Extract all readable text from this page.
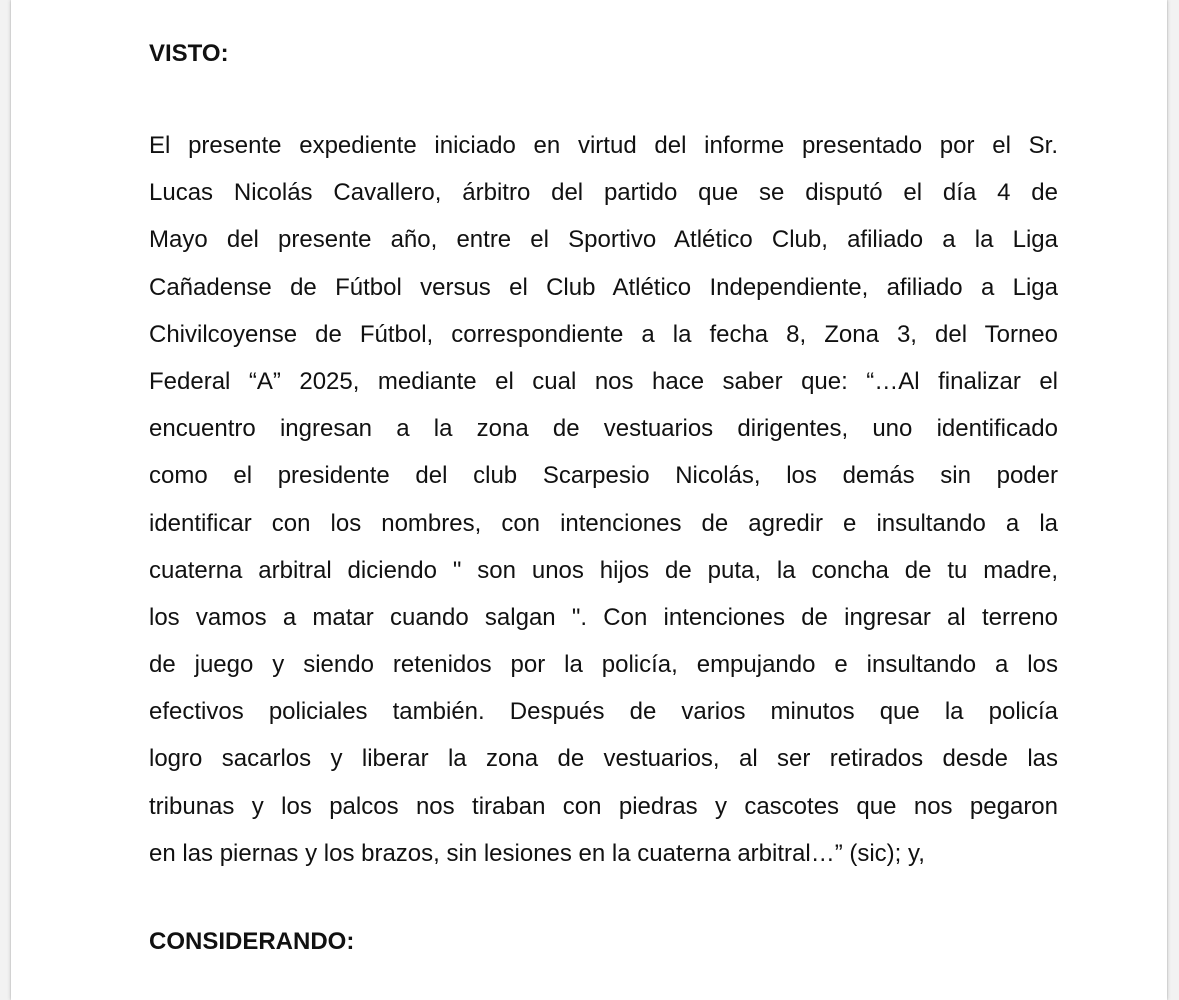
VISTO:
El presente expediente iniciado en virtud del informe presentado por el Sr.
Lucas Nicolás Cavallero, árbitro del partido que se disputó el día 4 de
Mayo del presente año, entre el Sportivo Atlético Club, afiliado a la Liga
Cañadense de Fútbol versus el Club Atlético Independiente, afiliado a Liga
Chivilcoyense de Fútbol, correspondiente a la fecha 8, Zona 3, del Torneo
Federal “A” 2025, mediante el cual nos hace saber que: “…Al finalizar el
encuentro ingresan a la zona de vestuarios dirigentes, uno identificado
como el presidente del club Scarpesio Nicolás, los demás sin poder
identificar con los nombres, con intenciones de agredir e insultando a la
cuaterna arbitral diciendo " son unos hijos de puta, la concha de tu madre,
los vamos a matar cuando salgan ". Con intenciones de ingresar al terreno
de juego y siendo retenidos por la policía, empujando e insultando a los
efectivos policiales también. Después de varios minutos que la policía
logro sacarlos y liberar la zona de vestuarios, al ser retirados desde las
tribunas y los palcos nos tiraban con piedras y cascotes que nos pegaron
en las piernas y los brazos, sin lesiones en la cuaterna arbitral…” (sic); y,
CONSIDERANDO:
